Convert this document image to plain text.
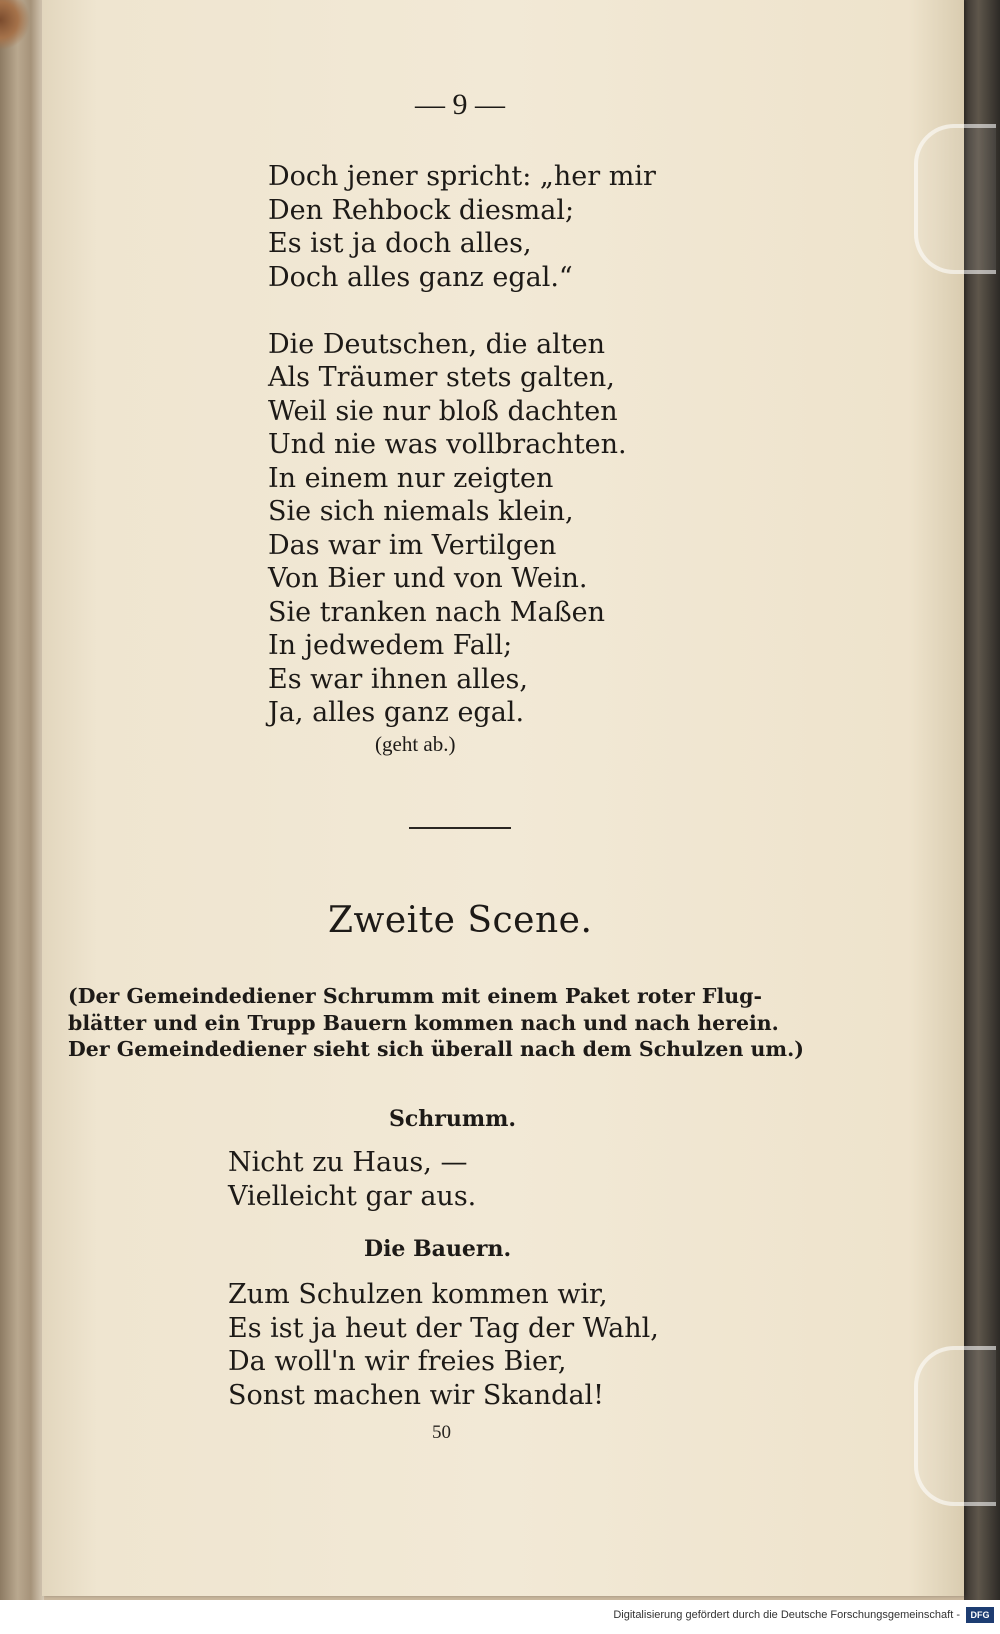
— 9 —
Doch jener spricht: „her mir
Den Rehbock diesmal;
Es ist ja doch alles,
Doch alles ganz egal.“

Die Deutschen, die alten
Als Träumer stets galten,
Weil sie nur bloß dachten
Und nie was vollbrachten.
In einem nur zeigten
Sie sich niemals klein,
Das war im Vertilgen
Von Bier und von Wein.
Sie tranken nach Maßen
In jedwedem Fall;
Es war ihnen alles,
Ja, alles ganz egal.
(geht ab.)
Zweite Scene.
(Der Gemeindediener Schrumm mit einem Paket roter Flug-
blätter und ein Trupp Bauern kommen nach und nach herein.
Der Gemeindediener sieht sich überall nach dem Schulzen um.)
Schrumm.
Nicht zu Haus, —
Vielleicht gar aus.
Die Bauern.
Zum Schulzen kommen wir,
Es ist ja heut der Tag der Wahl,
Da woll'n wir freies Bier,
Sonst machen wir Skandal!
50
Digitalisierung gefördert durch die Deutsche Forschungsgemeinschaft -	DFG
